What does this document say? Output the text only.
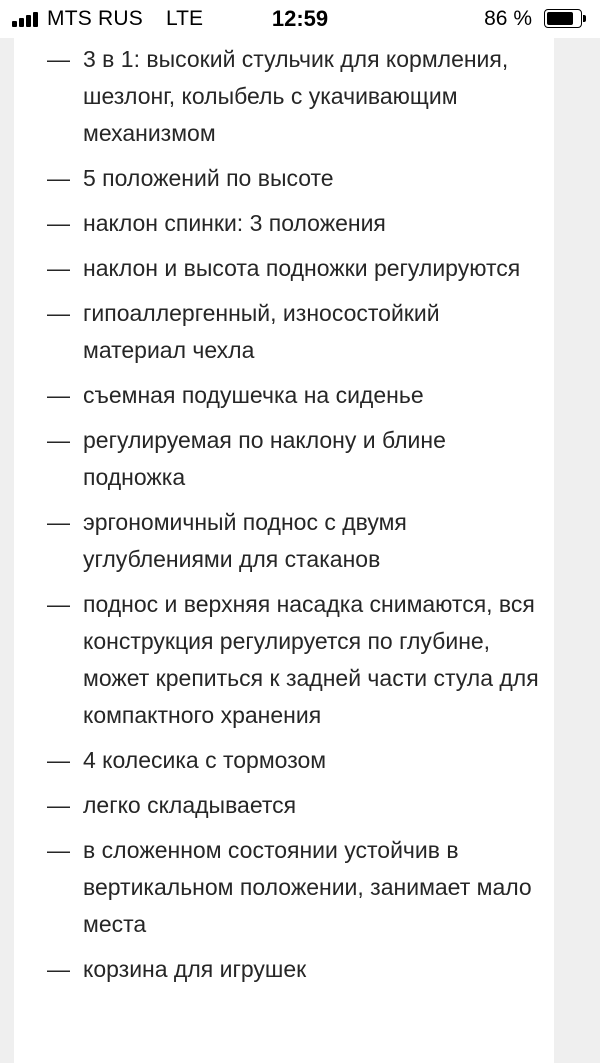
MTS RUS LTE	12:59	86 %
— 3 в 1: высокий стульчик для кормления, шезлонг, колыбель с укачивающим механизмом
— 5 положений по высоте
— наклон спинки: 3 положения
— наклон и высота подножки регулируются
— гипоаллергенный, износостойкий материал чехла
— съемная подушечка на сиденье
— регулируемая по наклону и блине подножка
— эргономичный поднос с двумя углублениями для стаканов
— поднос и верхняя насадка снимаются, вся конструкция регулируется по глубине, может крепиться к задней части стула для компактного хранения
— 4 колесика с тормозом
— легко складывается
— в сложенном состоянии устойчив в вертикальном положении, занимает мало места
— корзина для игрушек
